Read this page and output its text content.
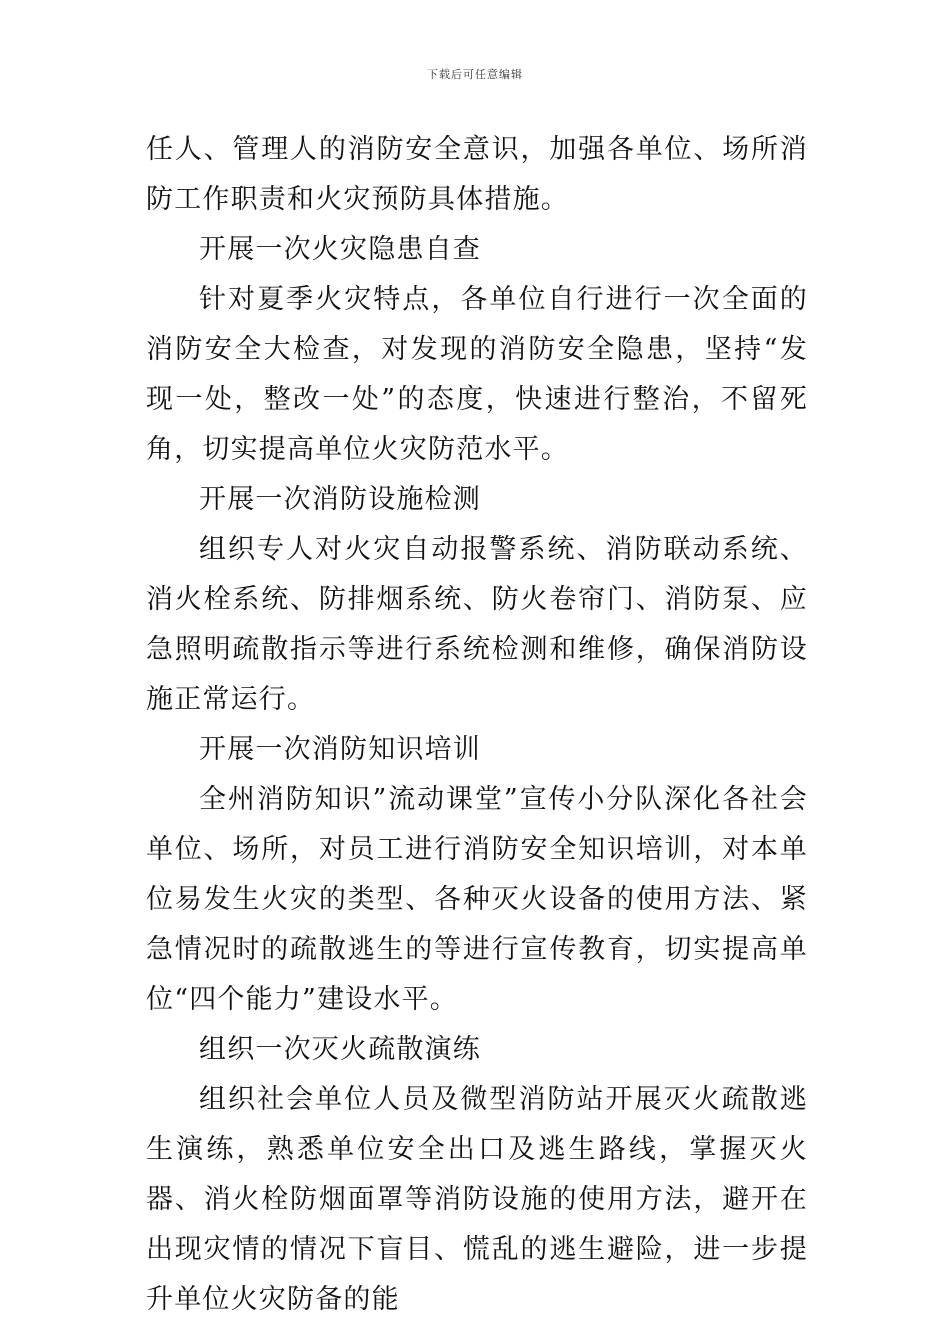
下载后可任意编辑

任人、管理人的消防安全意识，加强各单位、场所消防工作职责和火灾预防具体措施。

开展一次火灾隐患自查

针对夏季火灾特点，各单位自行进行一次全面的消防安全大检查，对发现的消防安全隐患，坚持“发现一处，整改一处”的态度，快速进行整治，不留死角，切实提高单位火灾防范水平。

开展一次消防设施检测

组织专人对火灾自动报警系统、消防联动系统、消火栓系统、防排烟系统、防火卷帘门、消防泵、应急照明疏散指示等进行系统检测和维修，确保消防设施正常运行。

开展一次消防知识培训

全州消防知识”流动课堂”宣传小分队深化各社会单位、场所，对员工进行消防安全知识培训，对本单位易发生火灾的类型、各种灭火设备的使用方法、紧急情况时的疏散逃生的等进行宣传教育，切实提高单位“四个能力”建设水平。

组织一次灭火疏散演练

组织社会单位人员及微型消防站开展灭火疏散逃生演练，熟悉单位安全出口及逃生路线，掌握灭火器、消火栓防烟面罩等消防设施的使用方法，避开在出现灾情的情况下盲目、慌乱的逃生避险，进一步提升单位火灾防备的能
